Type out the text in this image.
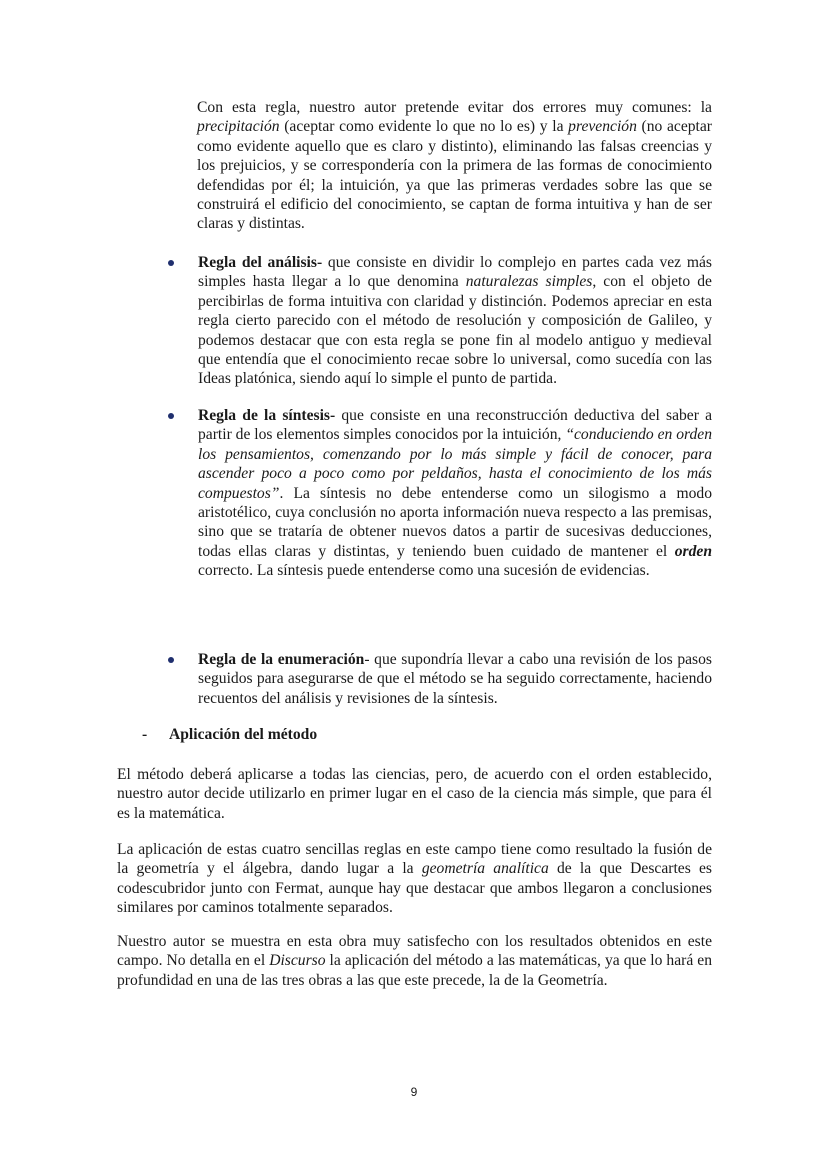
Con esta regla, nuestro autor pretende evitar dos errores muy comunes: la precipitación (aceptar como evidente lo que no lo es) y la prevención (no aceptar como evidente aquello que es claro y distinto), eliminando las falsas creencias y los prejuicios, y se correspondería con la primera de las formas de conocimiento defendidas por él; la intuición, ya que las primeras verdades sobre las que se construirá el edificio del conocimiento, se captan de forma intuitiva y han de ser claras y distintas.

Regla del análisis- que consiste en dividir lo complejo en partes cada vez más simples hasta llegar a lo que denomina naturalezas simples, con el objeto de percibirlas de forma intuitiva con claridad y distinción. Podemos apreciar en esta regla cierto parecido con el método de resolución y composición de Galileo, y podemos destacar que con esta regla se pone fin al modelo antiguo y medieval que entendía que el conocimiento recae sobre lo universal, como sucedía con las Ideas platónica, siendo aquí lo simple el punto de partida.

Regla de la síntesis- que consiste en una reconstrucción deductiva del saber a partir de los elementos simples conocidos por la intuición, “conduciendo en orden los pensamientos, comenzando por lo más simple y fácil de conocer, para ascender poco a poco como por peldaños, hasta el conocimiento de los más compuestos”. La síntesis no debe entenderse como un silogismo a modo aristotélico, cuya conclusión no aporta información nueva respecto a las premisas, sino que se trataría de obtener nuevos datos a partir de sucesivas deducciones, todas ellas claras y distintas, y teniendo buen cuidado de mantener el orden correcto. La síntesis puede entenderse como una sucesión de evidencias.

Regla de la enumeración- que supondría llevar a cabo una revisión de los pasos seguidos para asegurarse de que el método se ha seguido correctamente, haciendo recuentos del análisis y revisiones de la síntesis.

- Aplicación del método

El método deberá aplicarse a todas las ciencias, pero, de acuerdo con el orden establecido, nuestro autor decide utilizarlo en primer lugar en el caso de la ciencia más simple, que para él es la matemática.

La aplicación de estas cuatro sencillas reglas en este campo tiene como resultado la fusión de la geometría y el álgebra, dando lugar a la geometría analítica de la que Descartes es codescubridor junto con Fermat, aunque hay que destacar que ambos llegaron a conclusiones similares por caminos totalmente separados.

Nuestro autor se muestra en esta obra muy satisfecho con los resultados obtenidos en este campo. No detalla en el Discurso la aplicación del método a las matemáticas, ya que lo hará en profundidad en una de las tres obras a las que este precede, la de la Geometría.

9
